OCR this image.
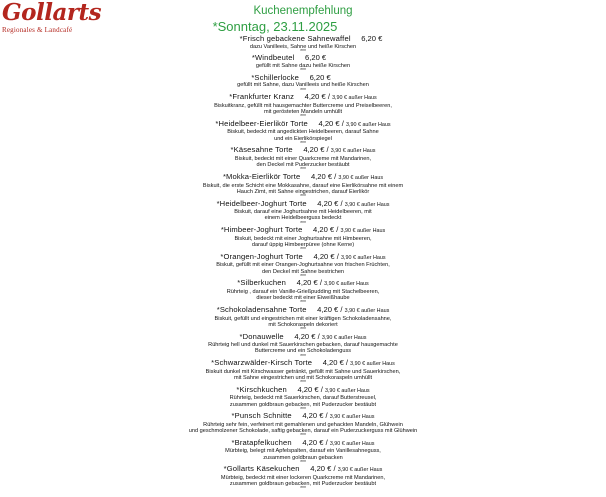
Gollarts
Regionales & Landcafé
Kuchenempfehlung
*Sonntag, 23.11.2025
*Frisch gebackene Sahnewaffel 6,20 €
dazu Vanilleeis, Sahne und heiße Kirschen
***
*Windbeutel 6,20 €
gefüllt mit Sahne dazu heiße Kirschen
***
*Schillerlocke 6,20 €
gefüllt mit Sahne, dazu Vanilleeis und heiße Kirschen
***
*Frankfurter Kranz 4,20 € / 3,90 € außer Haus
Biskuitkranz, gefüllt mit hausgemachter Buttercreme und Preiselbeeren,
mit gerösteten Mandeln umhüllt
***
*Heidelbeer-Eierlikör Torte 4,20 € / 3,90 € außer Haus
Biskuit, bedeckt mit angedickten Heidelbeeren, darauf Sahne
und ein Eierlikörspiegel
***
*Käsesahne Torte 4,20 € / 3,90 € außer Haus
Biskuit, bedeckt mit einer Quarkcreme mit Mandarinen,
den Deckel mit Puderzucker bestäubt
***
*Mokka-Eierlikör Torte 4,20 € / 3,90 € außer Haus
Biskuit, die erste Schicht eine Mokkasahne, darauf eine Eierlikörsahne mit einem
Hauch Zimt, mit Sahne eingestrichen, darauf Eierlikör
***
*Heidelbeer-Joghurt Torte 4,20 € / 3,90 € außer Haus
Biskuit, darauf eine Joghurtsahne mit Heidelbeeren, mit
einem Heidelbeerguss bedeckt
***
*Himbeer-Joghurt Torte 4,20 € / 3,90 € außer Haus
Biskuit, bedeckt mit einer Joghurtsahne mit Himbeeren,
darauf üppig Himbeerpüree (ohne Kerne)
***
*Orangen-Joghurt Torte 4,20 € / 3,90 € außer Haus
Biskuit, gefüllt mit einer Orangen-Joghurtsahne von frischen Früchten,
den Deckel mit Sahne bestrichen
***
*Silberkuchen 4,20 € / 3,90 € außer Haus
Rührteig , darauf ein Vanille-Grießpudding mit Stachelbeeren,
dieser bedeckt mit einer Eiweißhaube
***
*Schokoladensahne Torte 4,20 € / 3,90 € außer Haus
Biskuit, gefüllt und eingestrichen mit einer kräftigen Schokoladensahne,
mit Schokoraspeln dekoriert
***
*Donauwelle 4,20 € / 3,90 € außer Haus
Rührteig hell und dunkel mit Sauerkirschen gebacken, darauf hausgemachte
Buttercreme und ein Schokoladenguss
***
*Schwarzwälder-Kirsch Torte 4,20 € / 3,90 € außer Haus
Biskuit dunkel mit Kirschwasser getränkt, gefüllt mit Sahne und Sauerkirschen,
mit Sahne eingestrichen und mit Schokoraspeln umhüllt
***
*Kirschkuchen 4,20 € / 3,90 € außer Haus
Rührteig, bedeckt mit Sauerkirschen, darauf Butterstreusel,
zusammen goldbraun gebacken, mit Puderzucker bestäubt
***
*Punsch Schnitte 4,20 € / 3,90 € außer Haus
Rührteig sehr fein, verfeinert mit gemahlenen und gehackten Mandeln, Glühwein
und geschmolzener Schokolade, saftig gebacken, darauf ein Puderzuckerguss mit Glühwein
***
*Bratapfelkuchen 4,20 € / 3,90 € außer Haus
Mürbteig, belegt mit Apfelspalten, darauf ein Vanillesahneguss,
zusammen goldbraun gebacken
***
*Gollarts Käsekuchen 4,20 € / 3,90 € außer Haus
Mürbteig, bedeckt mit einer lockeren Quarkcreme mit Mandarinen,
zusammen goldbraun gebacken, mit Puderzucker bestäubt
***
